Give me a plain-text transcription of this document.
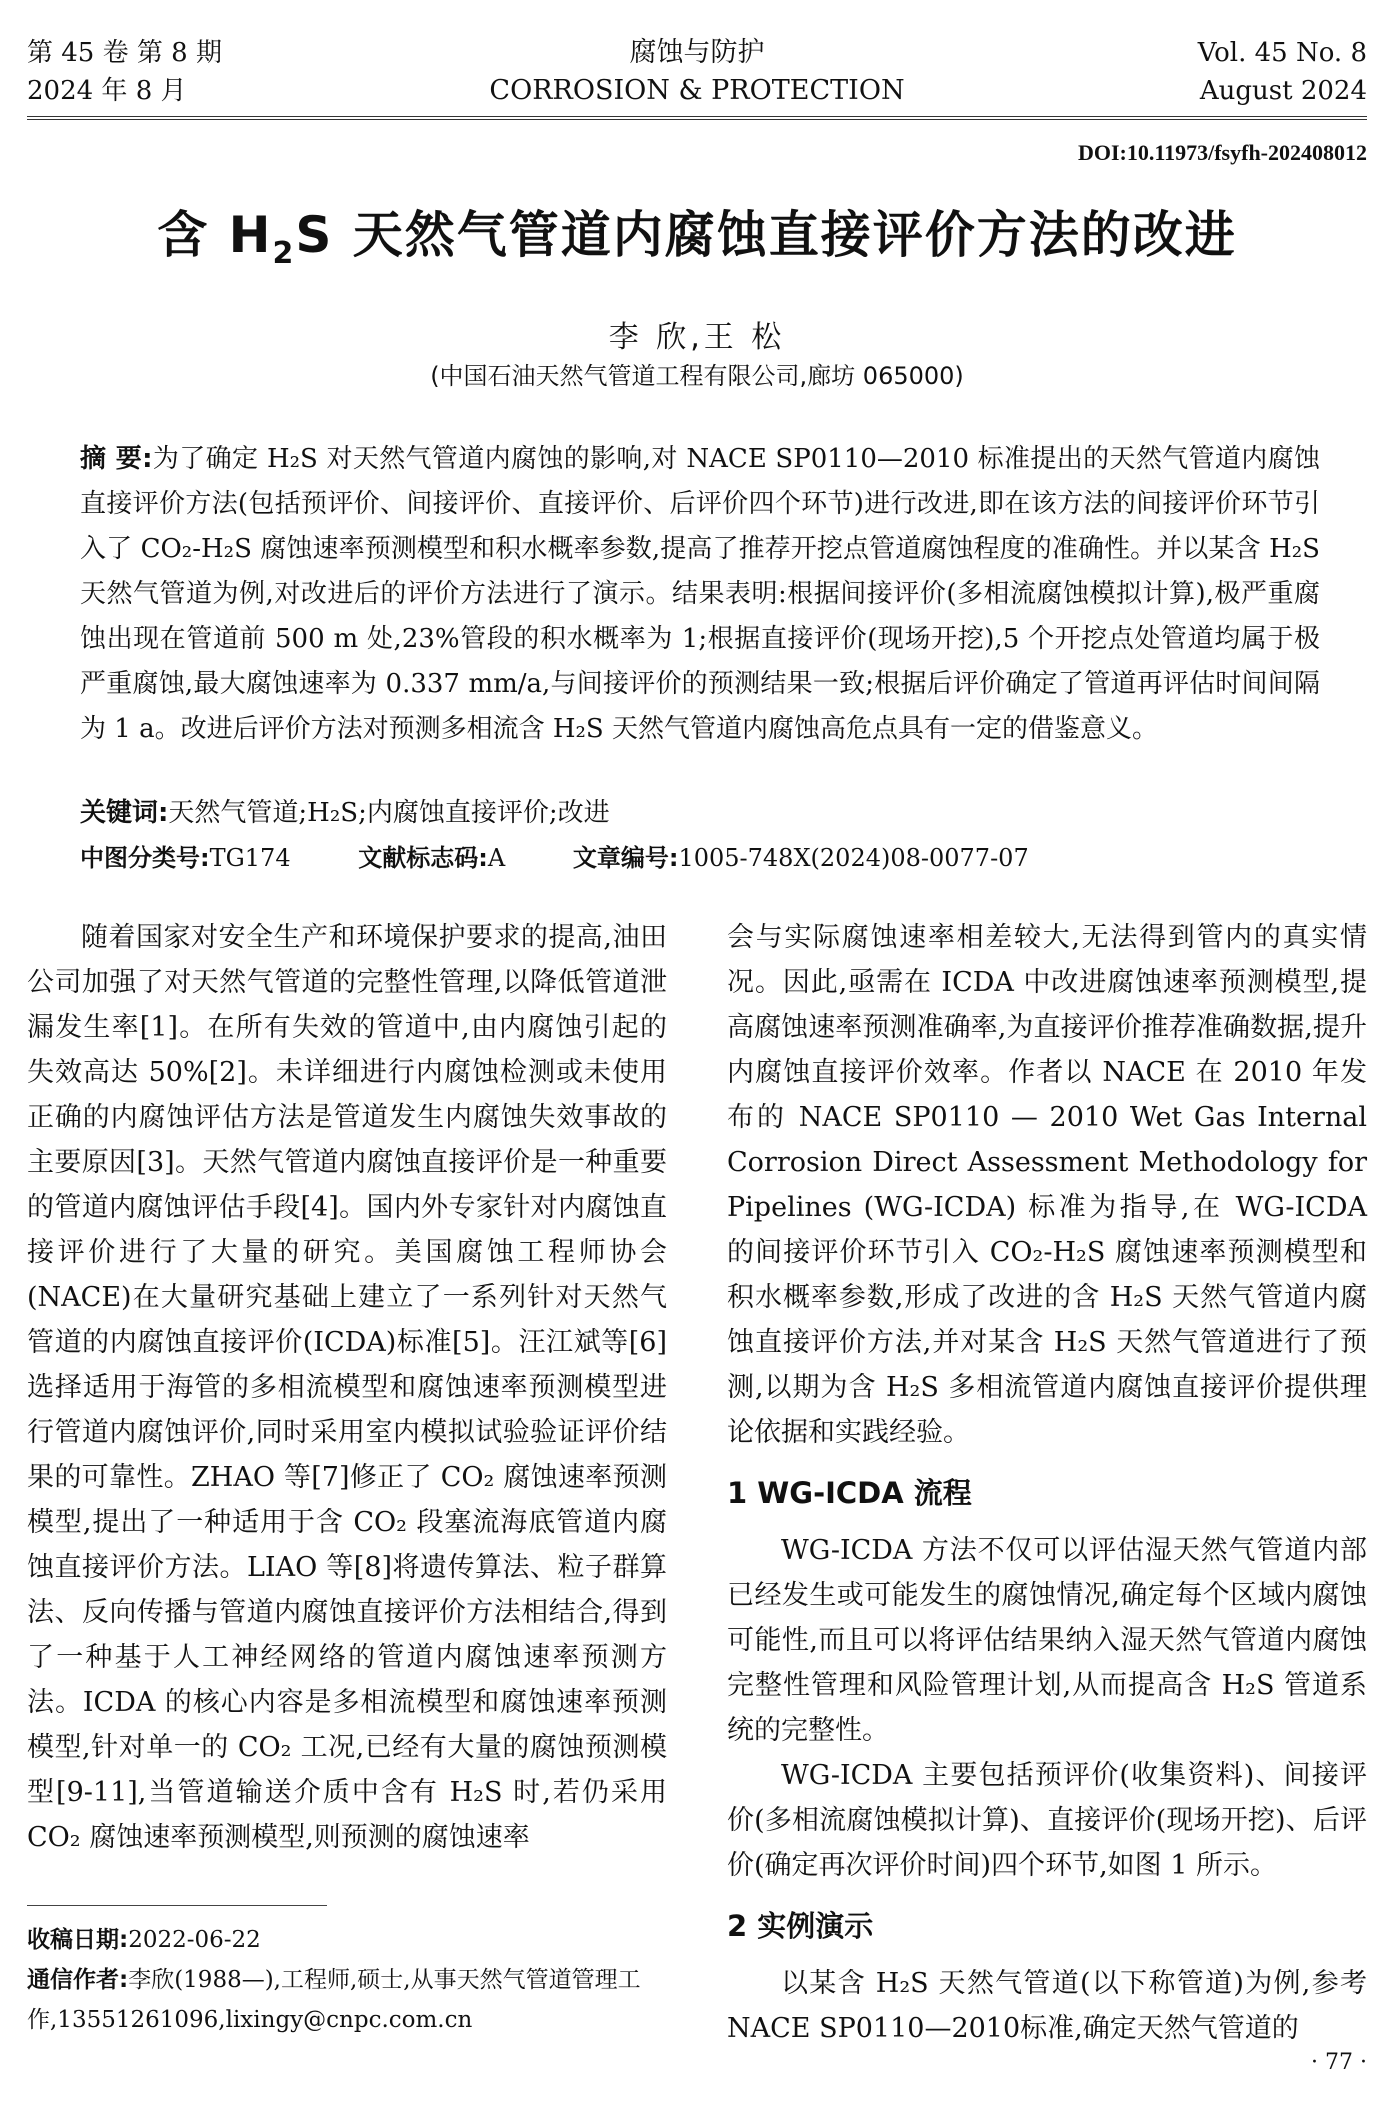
第 45 卷 第 8 期
2024 年 8 月
腐蚀与防护
CORROSION & PROTECTION
Vol. 45 No. 8
August 2024
DOI:10.11973/fsyfh-202408012
含 $H_2S$ 天然气管道内腐蚀直接评价方法的改进
李 欣,王 松
(中国石油天然气管道工程有限公司,廊坊 065000)
摘 要:为了确定 H₂S 对天然气管道内腐蚀的影响,对 NACE SP0110—2010 标准提出的天然气管道内腐蚀直接评价方法(包括预评价、间接评价、直接评价、后评价四个环节)进行改进,即在该方法的间接评价环节引入了 CO₂-H₂S 腐蚀速率预测模型和积水概率参数,提高了推荐开挖点管道腐蚀程度的准确性。并以某含 H₂S 天然气管道为例,对改进后的评价方法进行了演示。结果表明:根据间接评价(多相流腐蚀模拟计算),极严重腐蚀出现在管道前 500 m 处,23%管段的积水概率为 1;根据直接评价(现场开挖),5 个开挖点处管道均属于极严重腐蚀,最大腐蚀速率为 0.337 mm/a,与间接评价的预测结果一致;根据后评价确定了管道再评估时间间隔为 1 a。改进后评价方法对预测多相流含 H₂S 天然气管道内腐蚀高危点具有一定的借鉴意义。
关键词:天然气管道;H₂S;内腐蚀直接评价;改进
中图分类号:TG174	文献标志码:A	文章编号:1005-748X(2024)08-0077-07

随着国家对安全生产和环境保护要求的提高,油田公司加强了对天然气管道的完整性管理,以降低管道泄漏发生率[1]。在所有失效的管道中,由内腐蚀引起的失效高达 50%[2]。未详细进行内腐蚀检测或未使用正确的内腐蚀评估方法是管道发生内腐蚀失效事故的主要原因[3]。天然气管道内腐蚀直接评价是一种重要的管道内腐蚀评估手段[4]。国内外专家针对内腐蚀直接评价进行了大量的研究。美国腐蚀工程师协会(NACE)在大量研究基础上建立了一系列针对天然气管道的内腐蚀直接评价(ICDA)标准[5]。汪江斌等[6]选择适用于海管的多相流模型和腐蚀速率预测模型进行管道内腐蚀评价,同时采用室内模拟试验验证评价结果的可靠性。ZHAO 等[7]修正了 CO₂ 腐蚀速率预测模型,提出了一种适用于含 CO₂ 段塞流海底管道内腐蚀直接评价方法。LIAO 等[8]将遗传算法、粒子群算法、反向传播与管道内腐蚀直接评价方法相结合,得到了一种基于人工神经网络的管道内腐蚀速率预测方法。ICDA 的核心内容是多相流模型和腐蚀速率预测模型,针对单一的 CO₂ 工况,已经有大量的腐蚀预测模型[9-11],当管道输送介质中含有 H₂S 时,若仍采用 CO₂ 腐蚀速率预测模型,则预测的腐蚀速率

会与实际腐蚀速率相差较大,无法得到管内的真实情况。因此,亟需在 ICDA 中改进腐蚀速率预测模型,提高腐蚀速率预测准确率,为直接评价推荐准确数据,提升内腐蚀直接评价效率。作者以 NACE 在 2010 年发布的 NACE SP0110 — 2010 Wet Gas Internal Corrosion Direct Assessment Methodology for Pipelines (WG-ICDA) 标准为指导,在 WG-ICDA 的间接评价环节引入 CO₂-H₂S 腐蚀速率预测模型和积水概率参数,形成了改进的含 H₂S 天然气管道内腐蚀直接评价方法,并对某含 H₂S 天然气管道进行了预测,以期为含 H₂S 多相流管道内腐蚀直接评价提供理论依据和实践经验。

1 WG-ICDA 流程

WG-ICDA 方法不仅可以评估湿天然气管道内部已经发生或可能发生的腐蚀情况,确定每个区域内腐蚀可能性,而且可以将评估结果纳入湿天然气管道内腐蚀完整性管理和风险管理计划,从而提高含 H₂S 管道系统的完整性。

WG-ICDA 主要包括预评价(收集资料)、间接评价(多相流腐蚀模拟计算)、直接评价(现场开挖)、后评价(确定再次评价时间)四个环节,如图 1 所示。

2 实例演示

以某含 H₂S 天然气管道(以下称管道)为例,参考 NACE SP0110—2010标准,确定天然气管道的

收稿日期:2022-06-22
通信作者:李欣(1988—),工程师,硕士,从事天然气管道管理工作,13551261096,lixingy@cnpc.com.cn
· 77 ·
